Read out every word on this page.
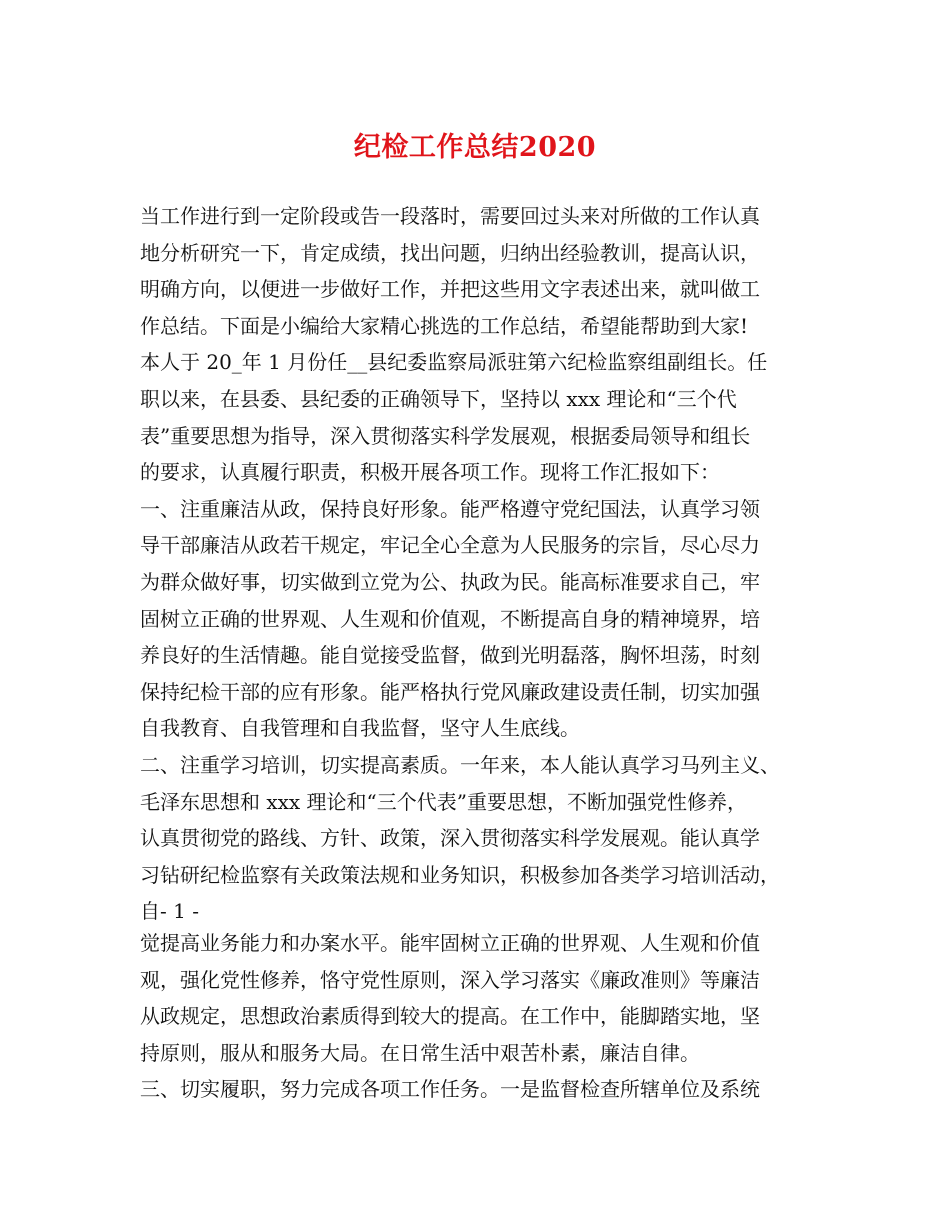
纪检工作总结2020
当工作进行到一定阶段或告一段落时，需要回过头来对所做的工作认真
地分析研究一下，肯定成绩，找出问题，归纳出经验教训，提高认识，
明确方向，以便进一步做好工作，并把这些用文字表述出来，就叫做工
作总结。下面是小编给大家精心挑选的工作总结，希望能帮助到大家!
本人于 20_年 1 月份任__县纪委监察局派驻第六纪检监察组副组长。任
职以来，在县委、县纪委的正确领导下，坚持以 xxx 理论和“三个代
表”重要思想为指导，深入贯彻落实科学发展观，根据委局领导和组长
的要求，认真履行职责，积极开展各项工作。现将工作汇报如下：
一、注重廉洁从政，保持良好形象。能严格遵守党纪国法，认真学习领
导干部廉洁从政若干规定，牢记全心全意为人民服务的宗旨，尽心尽力
为群众做好事，切实做到立党为公、执政为民。能高标准要求自己，牢
固树立正确的世界观、人生观和价值观，不断提高自身的精神境界，培
养良好的生活情趣。能自觉接受监督，做到光明磊落，胸怀坦荡，时刻
保持纪检干部的应有形象。能严格执行党风廉政建设责任制，切实加强
自我教育、自我管理和自我监督，坚守人生底线。
二、注重学习培训，切实提高素质。一年来，本人能认真学习马列主义、
毛泽东思想和 xxx 理论和“三个代表”重要思想，不断加强党性修养，
认真贯彻党的路线、方针、政策，深入贯彻落实科学发展观。能认真学
习钻研纪检监察有关政策法规和业务知识，积极参加各类学习培训活动，
自- 1 -
觉提高业务能力和办案水平。能牢固树立正确的世界观、人生观和价值
观，强化党性修养，恪守党性原则，深入学习落实《廉政准则》等廉洁
从政规定，思想政治素质得到较大的提高。在工作中，能脚踏实地，坚
持原则，服从和服务大局。在日常生活中艰苦朴素，廉洁自律。
三、切实履职，努力完成各项工作任务。一是监督检查所辖单位及系统
